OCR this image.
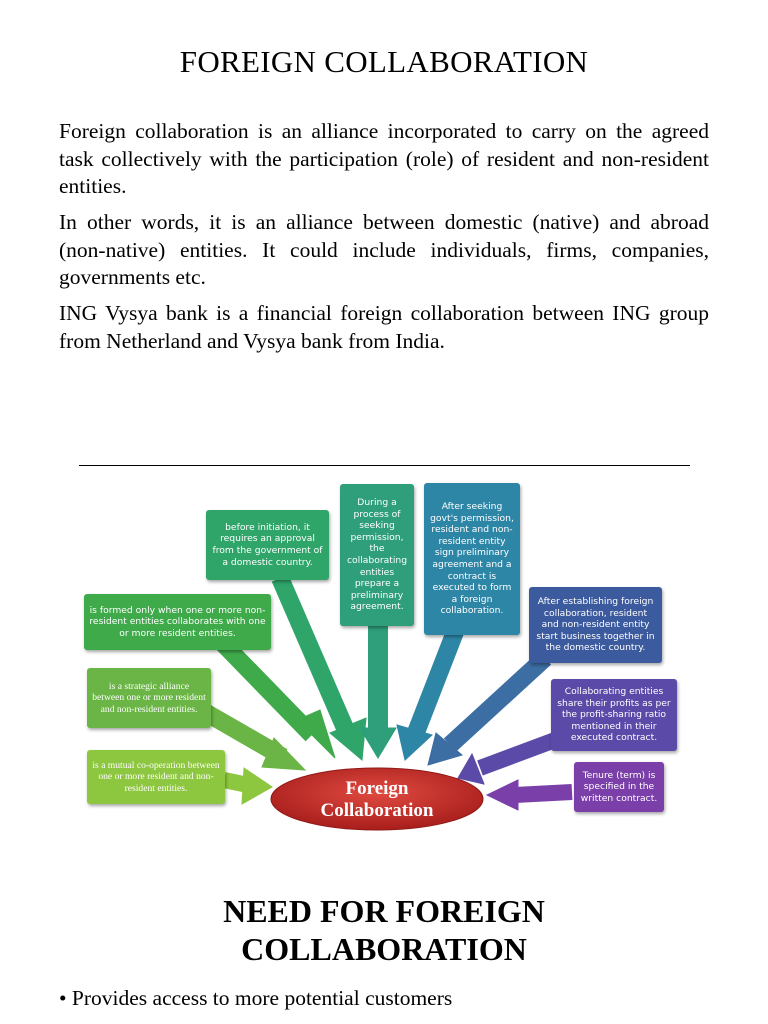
FOREIGN COLLABORATION

Foreign collaboration is an alliance incorporated to carry on the agreed task collectively with the participation (role) of resident and non-resident entities.

In other words, it is an alliance between domestic (native) and abroad (non-native) entities. It could include individuals, firms, companies, governments etc.

ING Vysya bank is a financial foreign collaboration between ING group from Netherland and Vysya bank from India.

Foreign
Collaboration
is a mutual co-operation between one or more resident and non-resident entities.
is a strategic alliance between one or more resident and non-resident entities.
is formed only when one or more non-resident entities collaborates with one or more resident entities.
before initiation, it requires an approval from the government of a domestic country.
During a process of seeking permission, the collaborating entities prepare a preliminary agreement.
After seeking govt's permission, resident and non-resident entity sign preliminary agreement and a contract is executed to form a foreign collaboration.
After establishing foreign collaboration, resident and non-resident entity start business together in the domestic country.
Collaborating entities share their profits as per the profit-sharing ratio mentioned in their executed contract.
Tenure (term) is specified in the written contract.
NEED FOR FOREIGN
COLLABORATION
• Provides access to more potential customers
